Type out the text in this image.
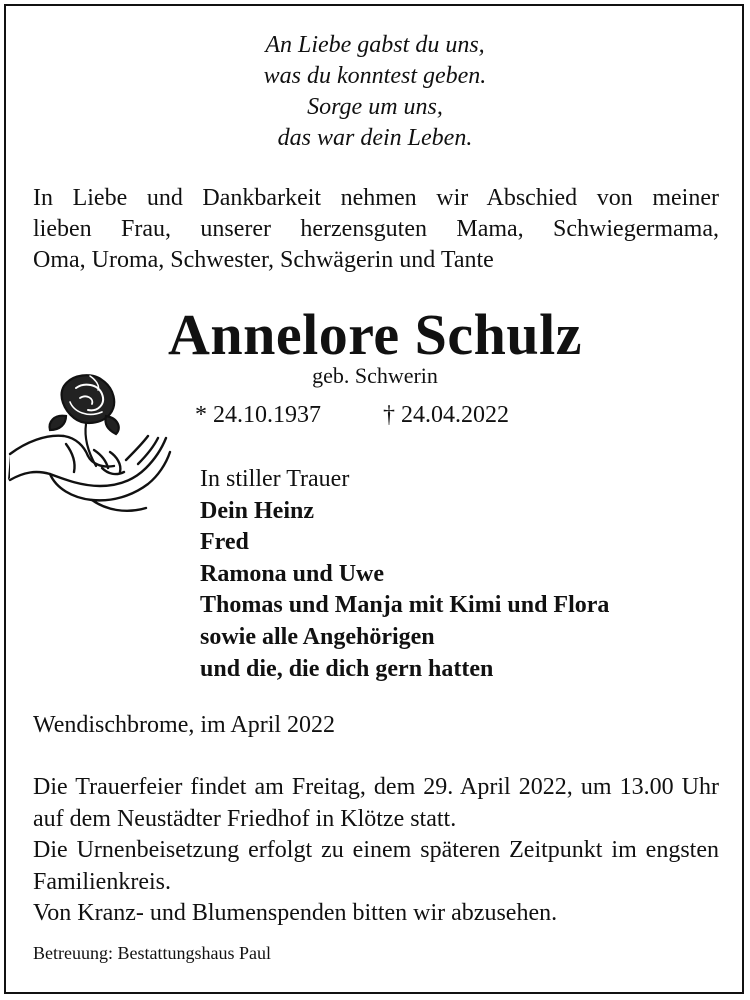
An Liebe gabst du uns,
was du konntest geben.
Sorge um uns,
das war dein Leben.
In Liebe und Dankbarkeit nehmen wir Abschied von meiner
lieben Frau, unserer herzensguten Mama, Schwiegermama,
Oma, Uroma, Schwester, Schwägerin und Tante
Annelore Schulz
geb. Schwerin
* 24.10.1937	† 24.04.2022
In stiller Trauer
Dein Heinz
Fred
Ramona und Uwe
Thomas und Manja mit Kimi und Flora
sowie alle Angehörigen
und die, die dich gern hatten
Wendischbrome, im April 2022

Die Trauerfeier findet am Freitag, dem 29. April 2022, um 13.00 Uhr auf dem Neustädter Friedhof in Klötze statt.

Die Urnenbeisetzung erfolgt zu einem späteren Zeitpunkt im engsten Familienkreis.

Von Kranz- und Blumenspenden bitten wir abzusehen.

Betreuung: Bestattungshaus Paul
